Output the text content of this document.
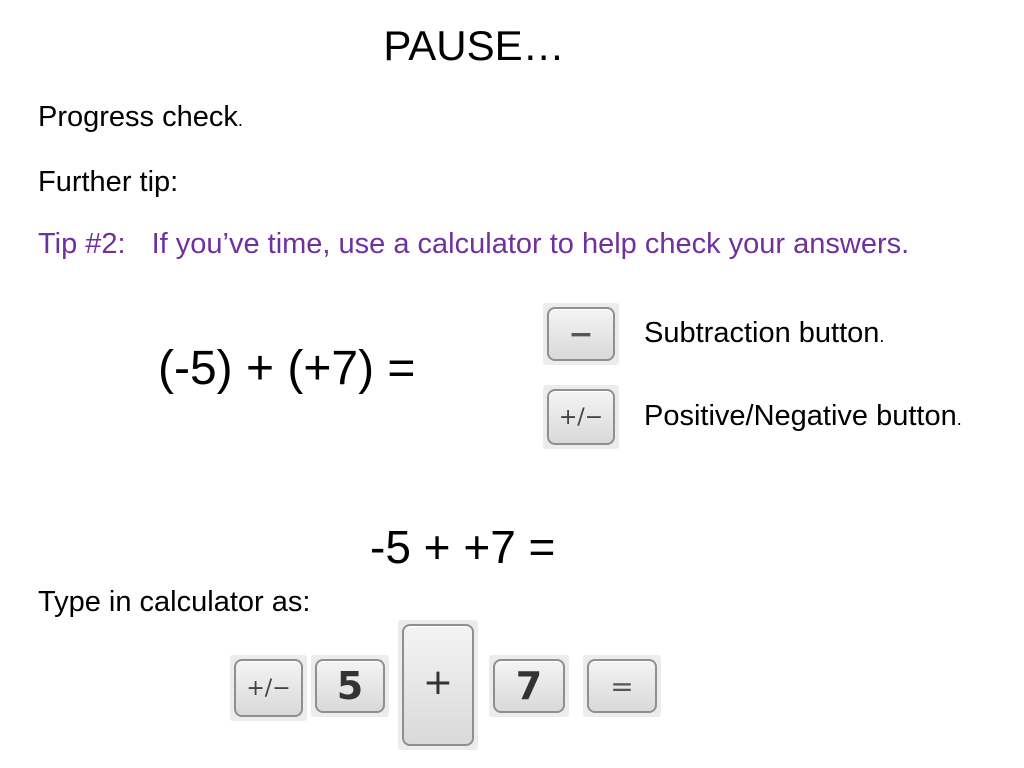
PAUSE…
Progress check.
Further tip:
Tip #2: If you’ve time, use a calculator to help check your answers.
(-5) + (+7) =
−	Subtraction button.
+/−	Positive/Negative button.
-5 + +7 =
Type in calculator as:
+/−	5	+	7	=
